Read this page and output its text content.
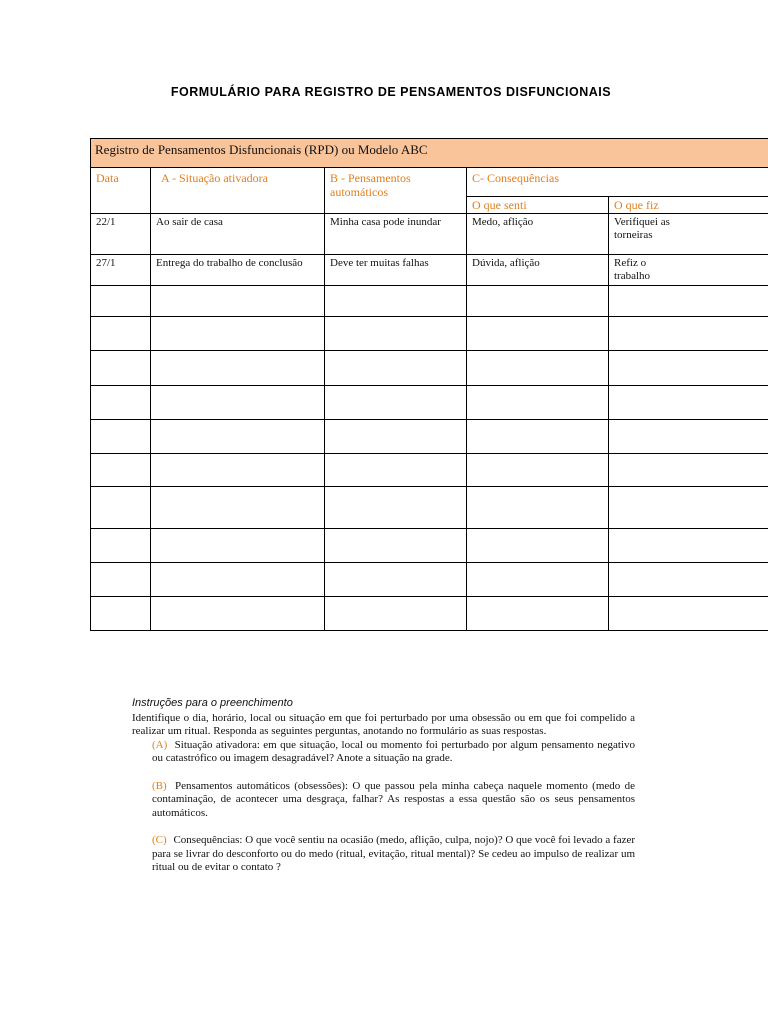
FORMULÁRIO PARA REGISTRO DE PENSAMENTOS DISFUNCIONAIS
Registro de Pensamentos Disfuncionais (RPD) ou Modelo ABC				
Data	A - Situação ativadora	B - Pensamentos automáticos	C- Consequências	
			O que senti	O que fiz
22/1	Ao sair de casa	Minha casa pode inundar	Medo, aflição	Verifiquei as torneiras
27/1	Entrega do trabalho de conclusão	Deve ter muitas falhas	Dúvida, aflição	Refiz o trabalho

Instruções para o preenchimento
Identifique o dia, horário, local ou situação em que foi perturbado por uma obsessão ou em que foi compelido a realizar um ritual. Responda as seguintes perguntas, anotando no formulário as suas respostas.
(A) Situação ativadora: em que situação, local ou momento foi perturbado por algum pensamento negativo ou catastrófico ou imagem desagradável? Anote a situação na grade.
(B) Pensamentos automáticos (obsessões): O que passou pela minha cabeça naquele momento (medo de contaminação, de acontecer uma desgraça, falhar? As respostas a essa questão são os seus pensamentos automáticos.
(C) Consequências: O que você sentiu na ocasião (medo, aflição, culpa, nojo)? O que você foi levado a fazer para se livrar do desconforto ou do medo (ritual, evitação, ritual mental)? Se cedeu ao impulso de realizar um ritual ou de evitar o contato ?
